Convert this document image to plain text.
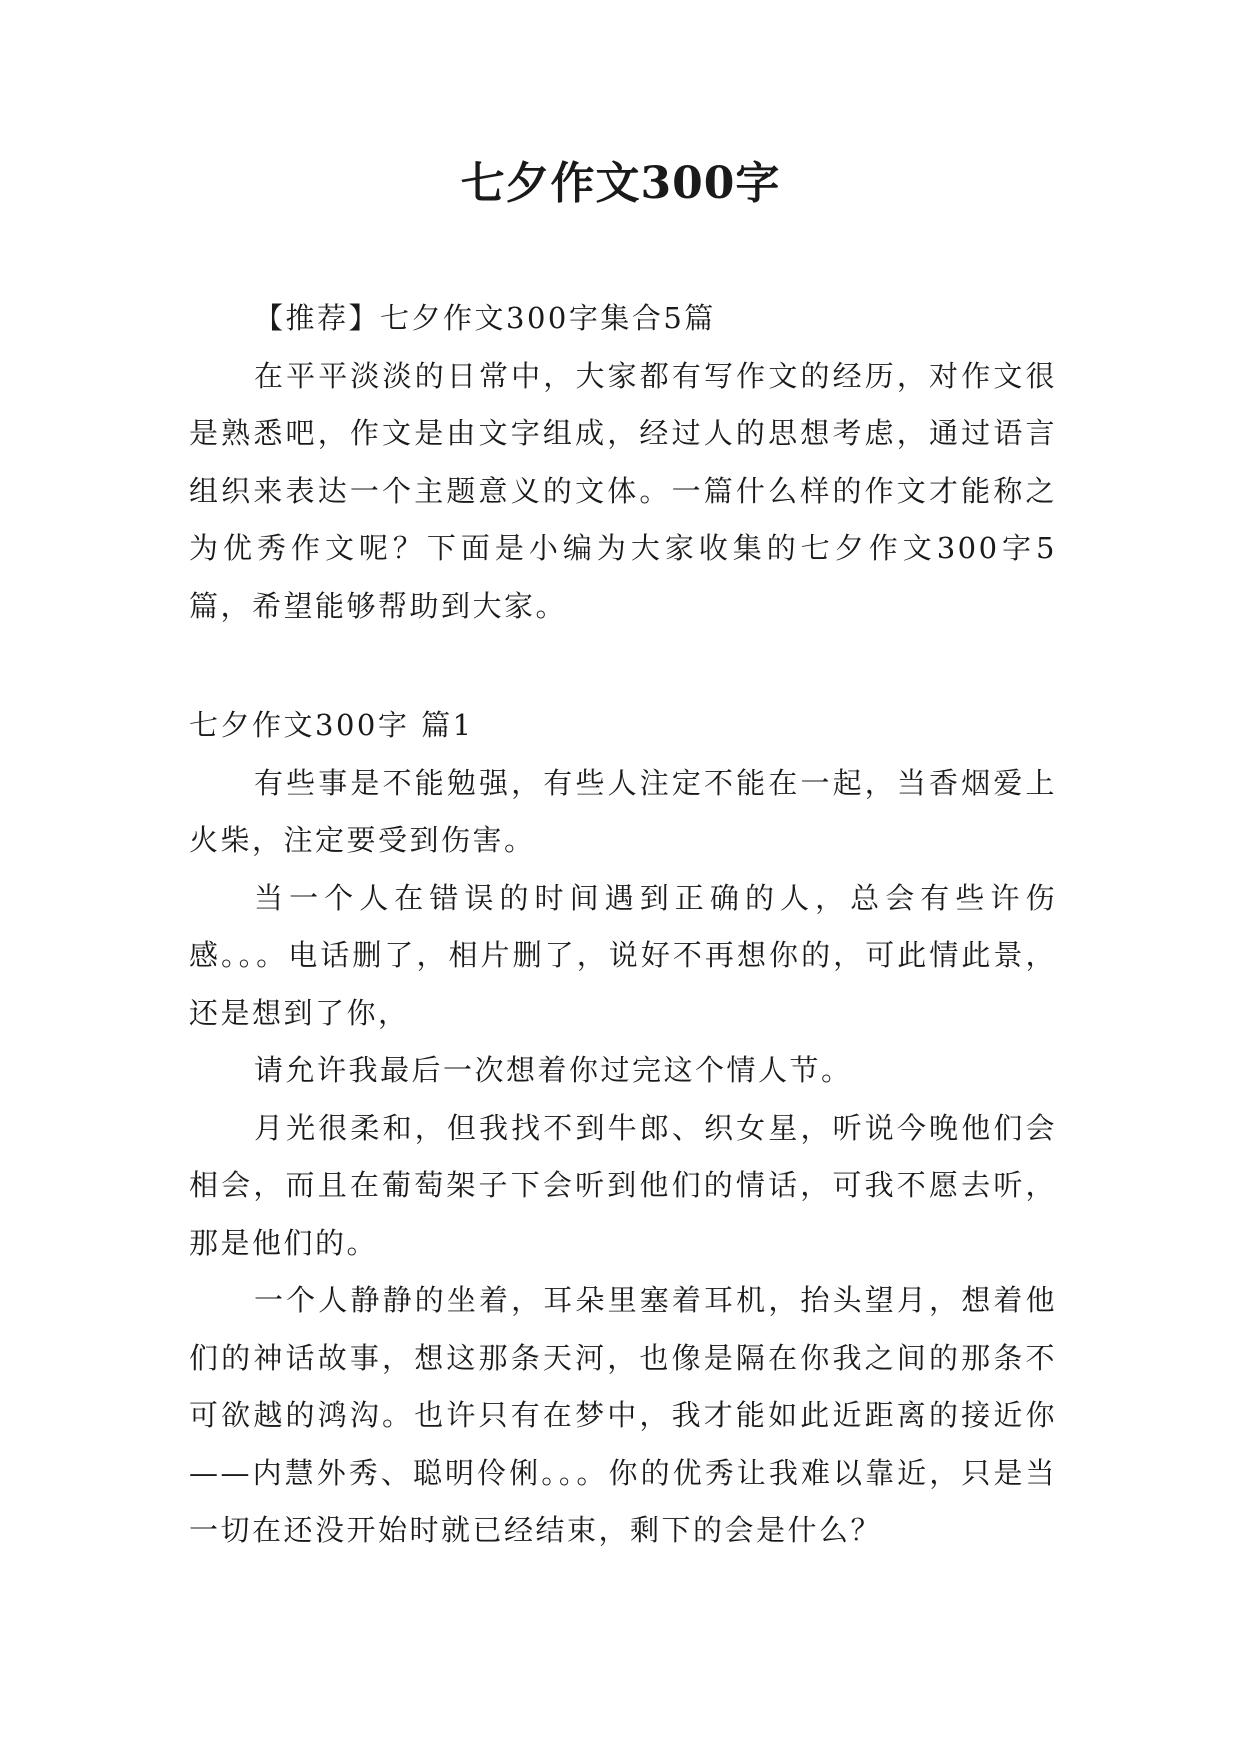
七夕作文300字

【推荐】七夕作文300字集合5篇

在平平淡淡的日常中，大家都有写作文的经历，对作文很是熟悉吧，作文是由文字组成，经过人的思想考虑，通过语言组织来表达一个主题意义的文体。一篇什么样的作文才能称之为优秀作文呢？下面是小编为大家收集的七夕作文300字5篇，希望能够帮助到大家。

七夕作文300字 篇1

有些事是不能勉强，有些人注定不能在一起，当香烟爱上火柴，注定要受到伤害。

当一个人在错误的时间遇到正确的人，总会有些许伤感。。。电话删了，相片删了，说好不再想你的，可此情此景，还是想到了你，

请允许我最后一次想着你过完这个情人节。

月光很柔和，但我找不到牛郎、织女星，听说今晚他们会相会，而且在葡萄架子下会听到他们的情话，可我不愿去听，那是他们的。

一个人静静的坐着，耳朵里塞着耳机，抬头望月，想着他们的神话故事，想这那条天河，也像是隔在你我之间的那条不可欲越的鸿沟。也许只有在梦中，我才能如此近距离的接近你——内慧外秀、聪明伶俐。。。你的优秀让我难以靠近，只是当一切在还没开始时就已经结束，剩下的会是什么？
